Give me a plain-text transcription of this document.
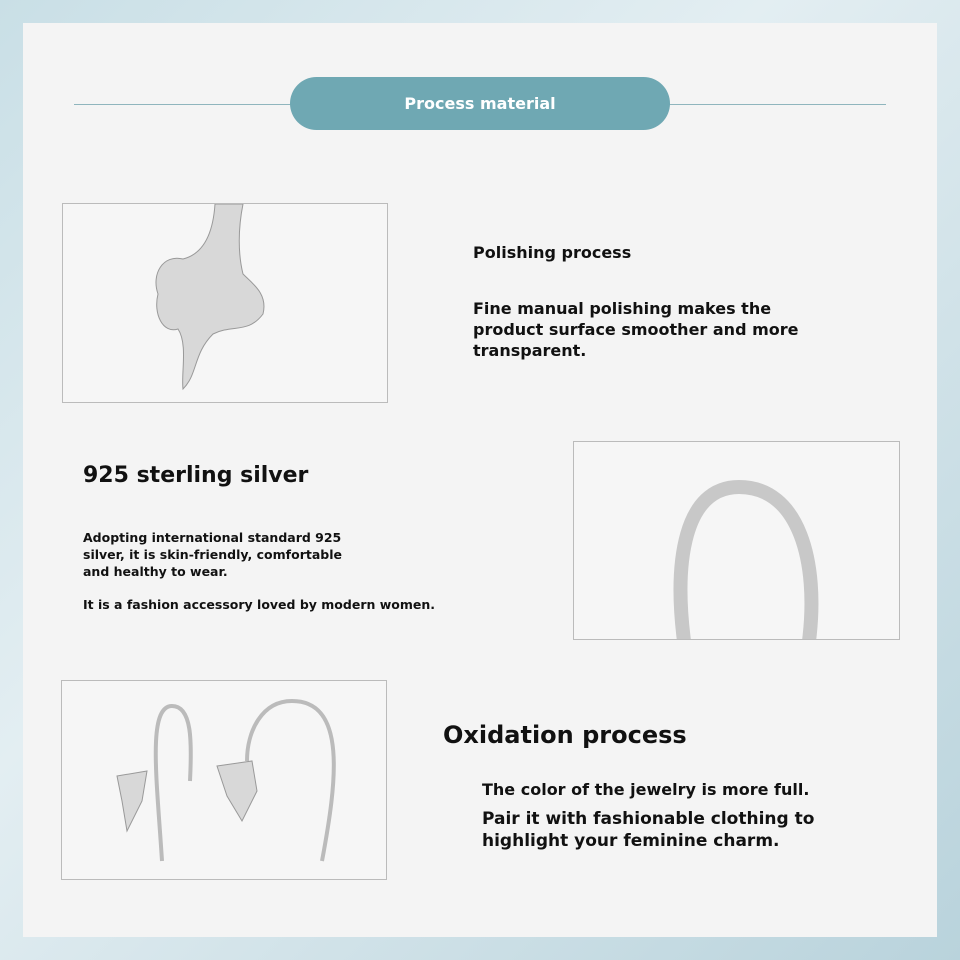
Process material
Polishing process
Fine manual polishing makes the product surface smoother and more transparent.
925 sterling silver
Adopting international standard 925 silver, it is skin-friendly, comfortable and healthy to wear.
It is a fashion accessory loved by modern women.
Oxidation process
The color of the jewelry is more full.
Pair it with fashionable clothing to highlight your feminine charm.
